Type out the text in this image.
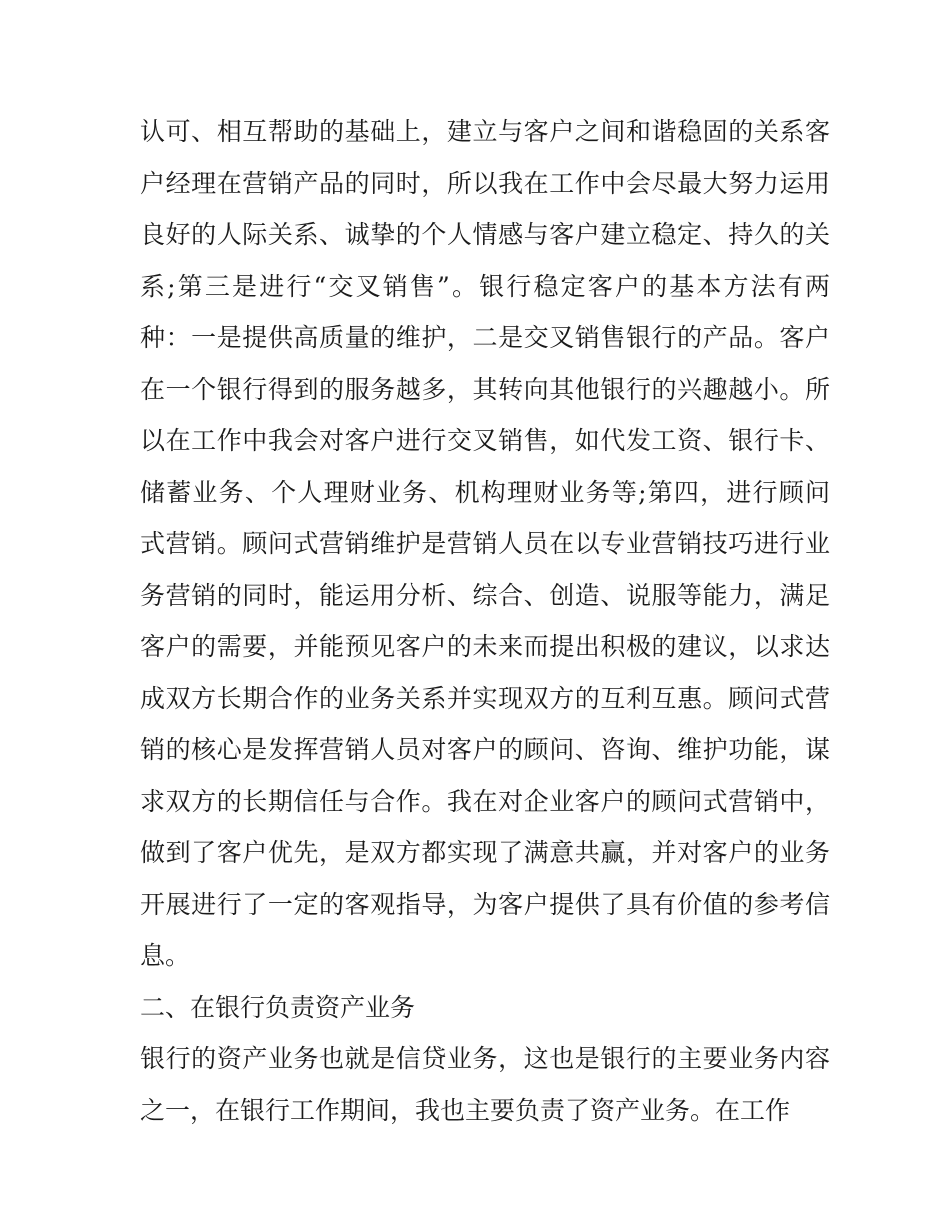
认可、相互帮助的基础上，建立与客户之间和谐稳固的关系客
户经理在营销产品的同时，所以我在工作中会尽最大努力运用
良好的人际关系、诚挚的个人情感与客户建立稳定、持久的关
系;第三是进行“交叉销售”。银行稳定客户的基本方法有两
种：一是提供高质量的维护，二是交叉销售银行的产品。客户
在一个银行得到的服务越多，其转向其他银行的兴趣越小。所
以在工作中我会对客户进行交叉销售，如代发工资、银行卡、
储蓄业务、个人理财业务、机构理财业务等;第四，进行顾问
式营销。顾问式营销维护是营销人员在以专业营销技巧进行业
务营销的同时，能运用分析、综合、创造、说服等能力，满足
客户的需要，并能预见客户的未来而提出积极的建议，以求达
成双方长期合作的业务关系并实现双方的互利互惠。顾问式营
销的核心是发挥营销人员对客户的顾问、咨询、维护功能，谋
求双方的长期信任与合作。我在对企业客户的顾问式营销中，
做到了客户优先，是双方都实现了满意共赢，并对客户的业务
开展进行了一定的客观指导，为客户提供了具有价值的参考信
息。
二、在银行负责资产业务
银行的资产业务也就是信贷业务，这也是银行的主要业务内容
之一，在银行工作期间，我也主要负责了资产业务。在工作
